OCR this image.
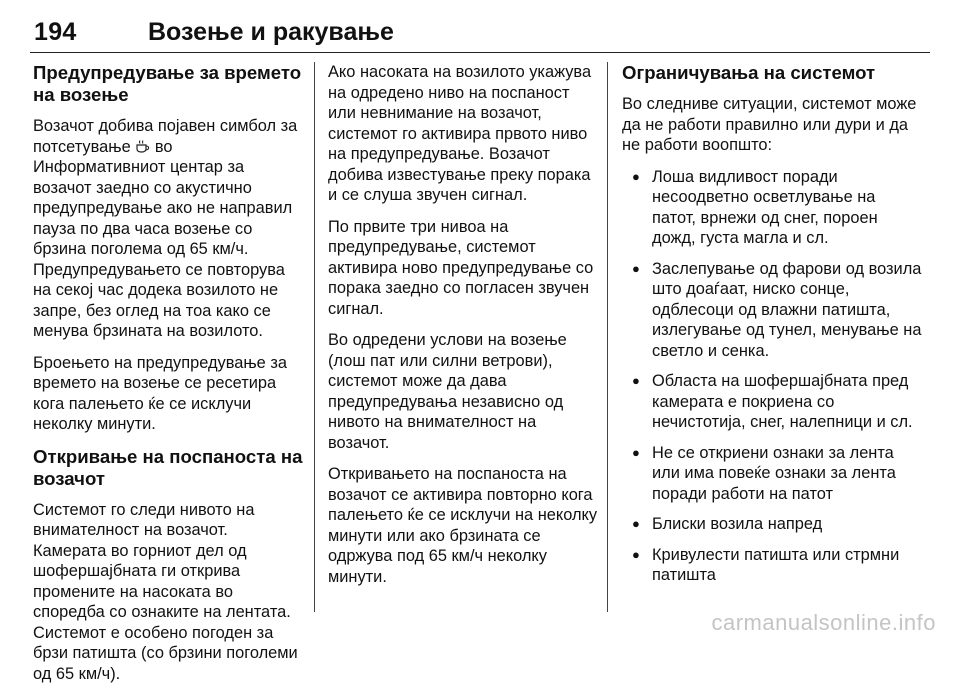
194	Возење и ракување
Предупредување за времето на возење

Возачот добива појавен симбол за потсетување во Информативниот центар за возачот заедно со акустично предупредување ако не направил пауза по два часа возење со брзина поголема од 65 км/ч. Предупредувањето се повторува на секој час додека возилото не запре, без оглед на тоа како се менува брзината на возилото.

Броењето на предупредување за времето на возење се ресетира кога палењето ќе се исклучи неколку минути.

Откривање на поспаноста на возачот

Системот го следи нивото на внимателност на возачот. Камерата во горниот дел од шофершајбната ги открива промените на насоката во споредба со ознаките на лентата. Системот е особено погоден за брзи патишта (со брзини поголеми од 65 км/ч).

Ако насоката на возилото укажува на одредено ниво на поспаност или невнимание на возачот, системот го активира првото ниво на предупредување. Возачот добива известување преку порака и се слуша звучен сигнал.

По првите три нивоа на предупредување, системот активира ново предупредување со порака заедно со погласен звучен сигнал.

Во одредени услови на возење (лош пат или силни ветрови), системот може да дава предупредувања независно од нивото на внимателност на возачот.

Откривањето на поспаноста на возачот се активира повторно кога палењето ќе се исклучи на неколку минути или ако брзината се одржува под 65 км/ч неколку минути.

Ограничувања на системот

Во следниве ситуации, системот може да не работи правилно или дури и да не работи воопшто:

● Лоша видливост поради несоодветно осветлување на патот, врнежи од снег, пороен дожд, густа магла и сл.
● Заслепување од фарови од возила што доаѓаат, ниско сонце, одблесоци од влажни патишта, излегување од тунел, менување на светло и сенка.
● Областа на шофершајбната пред камерата е покриена со нечистотија, снег, налепници и сл.
● Не се откриени ознаки за лента или има повеќе ознаки за лента поради работи на патот
● Блиски возила напред
● Кривулести патишта или стрмни патишта
carmanualsonline.info
